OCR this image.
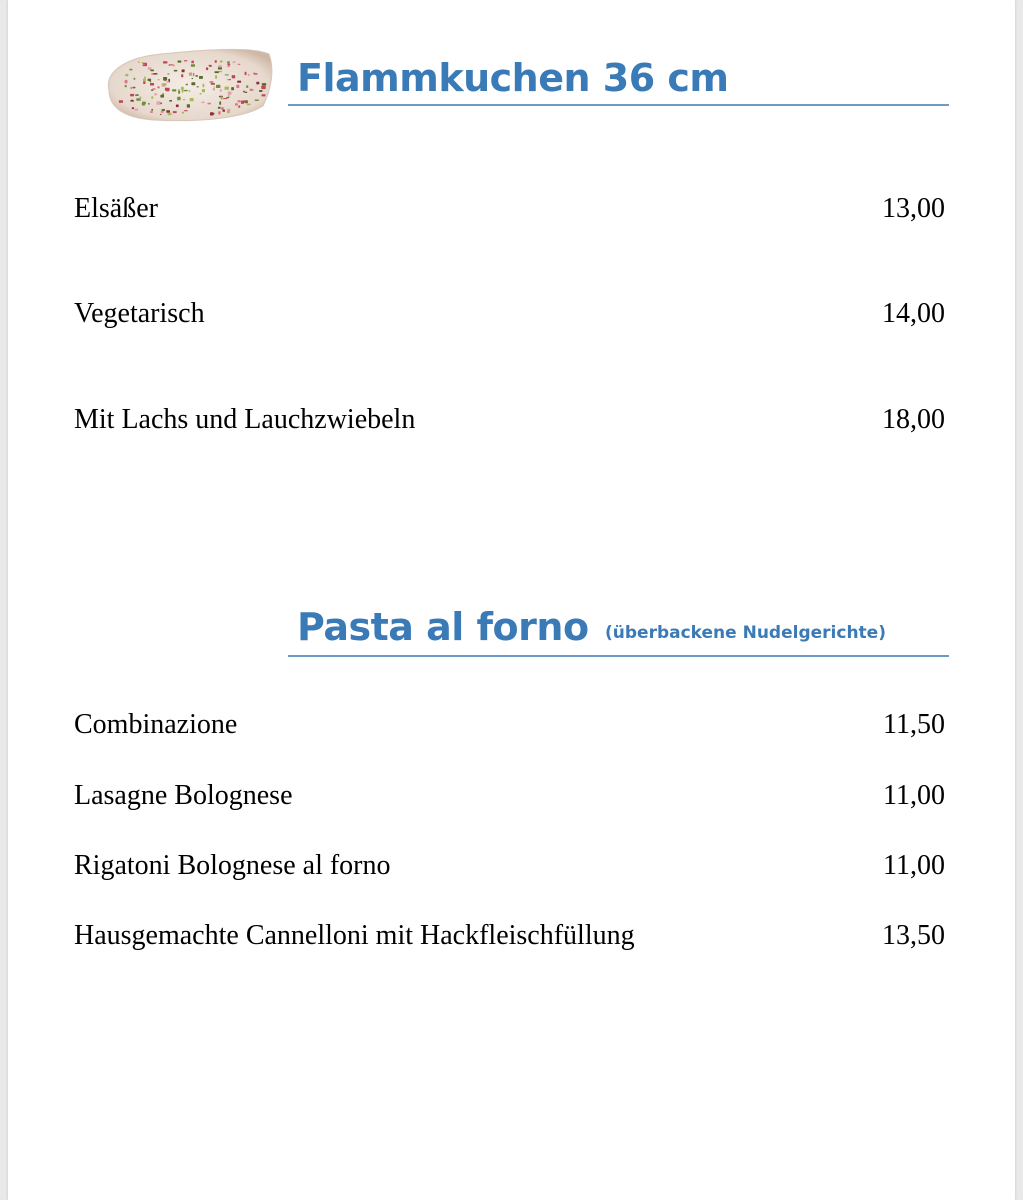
Flammkuchen 36 cm
Elsäßer	13,00
Vegetarisch	14,00
Mit Lachs und Lauchzwiebeln	18,00
Pasta al forno (überbackene Nudelgerichte)
Combinazione	11,50
Lasagne Bolognese	11,00
Rigatoni Bolognese al forno	11,00
Hausgemachte Cannelloni mit Hackfleischfüllung	13,50
